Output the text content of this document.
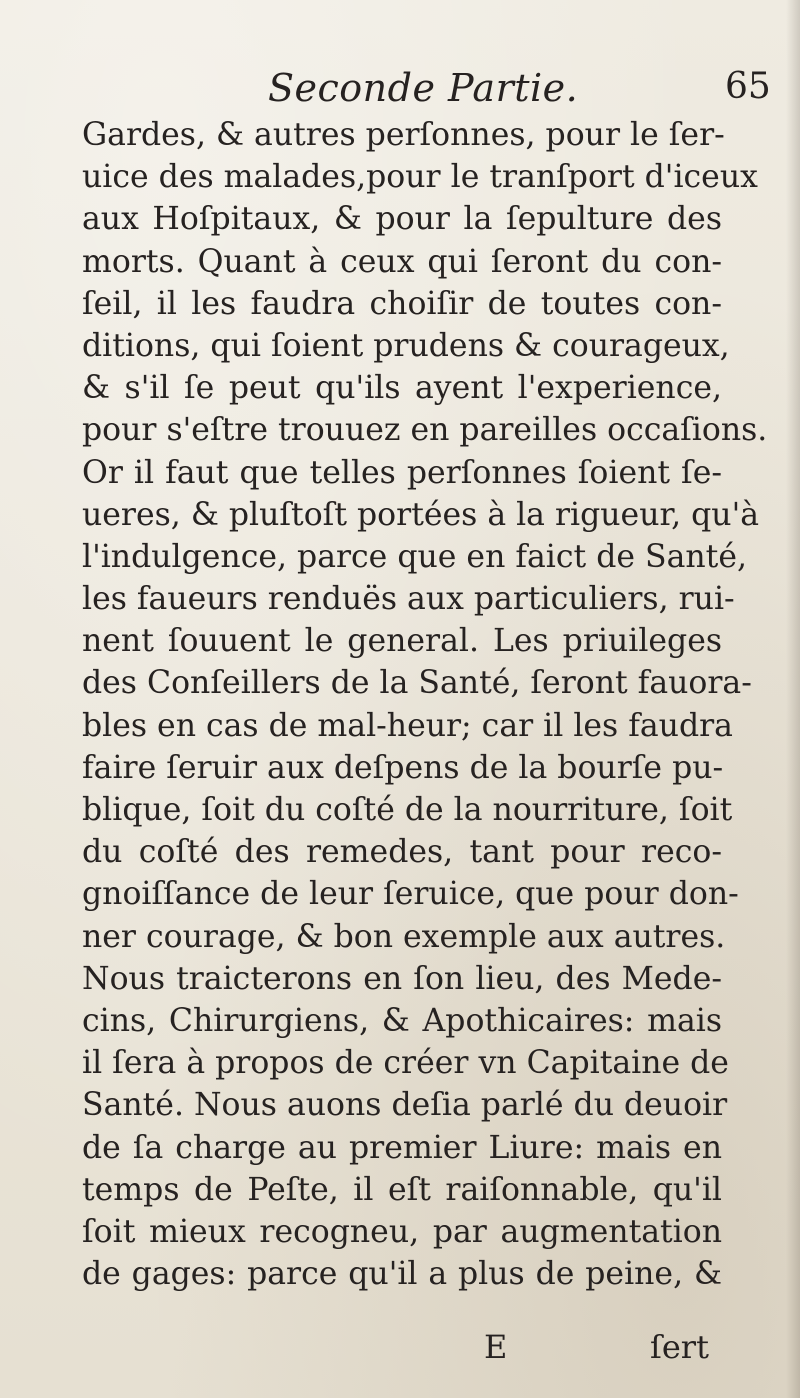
Seconde Partie.	65
Gardes, & autres perſonnes, pour le ſer-
uice des malades,pour le tranſport d'iceux
aux Hoſpitaux, & pour la ſepulture des
morts. Quant à ceux qui ſeront du con-
ſeil, il les faudra choiſir de toutes con-
ditions, qui ſoient prudens & courageux,
& s'il ſe peut qu'ils ayent l'experience,
pour s'eſtre trouuez en pareilles occaſions.
Or il faut que telles perſonnes ſoient ſe-
ueres, & pluſtoſt portées à la rigueur, qu'à
l'indulgence, parce que en faict de Santé,
les faueurs renduës aux particuliers, rui-
nent ſouuent le general. Les priuileges
des Conſeillers de la Santé, ſeront fauora-
bles en cas de mal-heur; car il les faudra
faire ſeruir aux deſpens de la bourſe pu-
blique, ſoit du coſté de la nourriture, ſoit
du coſté des remedes, tant pour reco-
gnoiſſance de leur ſeruice, que pour don-
ner courage, & bon exemple aux autres.
Nous traicterons en ſon lieu, des Mede-
cins, Chirurgiens, & Apothicaires: mais
il ſera à propos de créer vn Capitaine de
Santé. Nous auons deſia parlé du deuoir
de ſa charge au premier Liure: mais en
temps de Peſte, il eſt raiſonnable, qu'il
ſoit mieux recogneu, par augmentation
de gages: parce qu'il a plus de peine, &
E	ſert
